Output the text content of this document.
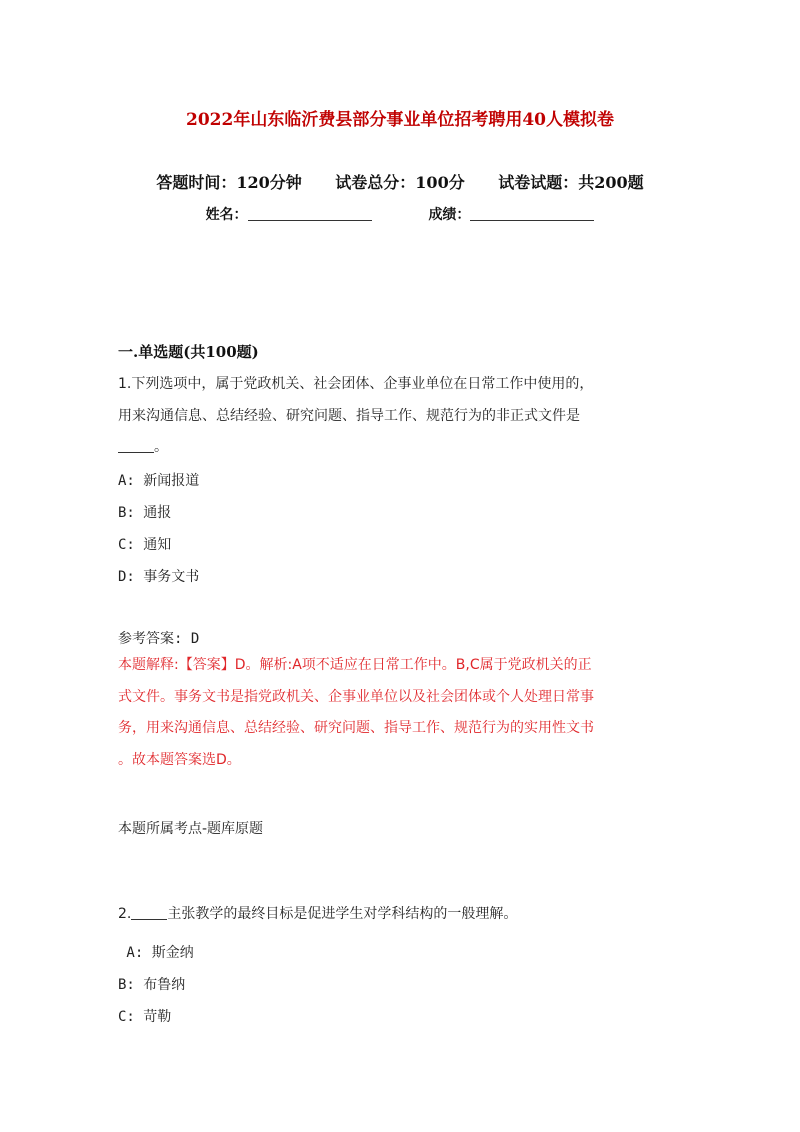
2022年山东临沂费县部分事业单位招考聘用40人模拟卷
答题时间：120分钟 试卷总分：100分 试卷试题：共200题
姓名：	成绩：
一.单选题(共100题)
1.下列选项中，属于党政机关、社会团体、企事业单位在日常工作中使用的，
用来沟通信息、总结经验、研究问题、指导工作、规范行为的非正式文件是
。

A: 新闻报道

B: 通报

C: 通知

D: 事务文书

参考答案: D

本题解释:【答案】D。解析:A项不适应在日常工作中。B,C属于党政机关的正
式文件。事务文书是指党政机关、企事业单位以及社会团体或个人处理日常事
务，用来沟通信息、总结经验、研究问题、指导工作、规范行为的实用性文书
。故本题答案选D。

本题所属考点-题库原题

2.	主张教学的最终目标是促进学生对学科结构的一般理解。

A: 斯金纳

B: 布鲁纳

C: 苛勒
